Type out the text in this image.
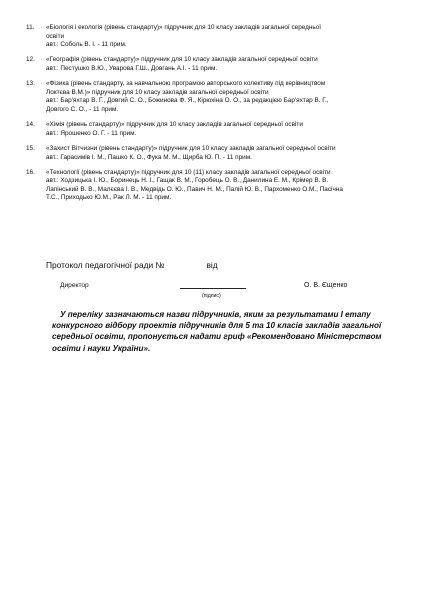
11.	«Біологія і екологія (рівень стандарту)» підручник для 10 класу закладів загальної середньої
освіти
авт.: Соболь В. І. - 11 прим.
12.	«Географія (рівень стандарту)» підручник для 10 класу закладів загальної середньої освіти
авт.: Пестушко В.Ю., Уварова Г.Ш., Довгань А.І. - 11 прим.
13.	«Фізика (рівень стандарту, за навчальною програмою авторського колективу під керівництвом
Локтєва В.М.)» підручник для 10 класу закладів загальної середньої освіти
авт.: Бар'яхтар В. Г., Довгий С. О., Божинова Ф. Я., Кірюхіна О. О., за редакцією Бар'яхтар В. Г.,
Довгого С. О., - 11 прим.
14.	«Хімія (рівень стандарту)» підручник для 10 класу закладів загальної середньої освіти
авт.: Ярошенко О. Г. - 11 прим.
15.	«Захист Вітчизни (рівень стандарту)» підручник для 10 класу закладів загальної середньої освіти
авт.: Гарасимів І. М., Пашко К. О., Фука М. М., Щирба Ю. П. - 11 прим.
16.	«Технології (рівень стандарту)» підручник для 10 (11) класу закладів загальної середньої освіти
авт.: Ходзицька І. Ю., Боринець Н. І., Гащак В. М., Горобець О. В., Данилина Е. М., Крімер В. В.
Лапінський В. В., Малєєва І. В., Медвідь О. Ю., Павич Н. М., Палій Ю. В., Пархоменко О.М., Пасічна
Т.С., Приходько Ю.М., Рак Л. М. - 11 прим.
Протокол педагогічної ради №	від
Директор
(підпис)
О. В. Єщенко
У переліку зазначаються назви підручників, яким за результатами І етапу
конкурсного відбору проектів підручників для 5 та 10 класів закладів загальної
середньої освіти, пропонується надати гриф «Рекомендовано Міністерством
освіти і науки України».
